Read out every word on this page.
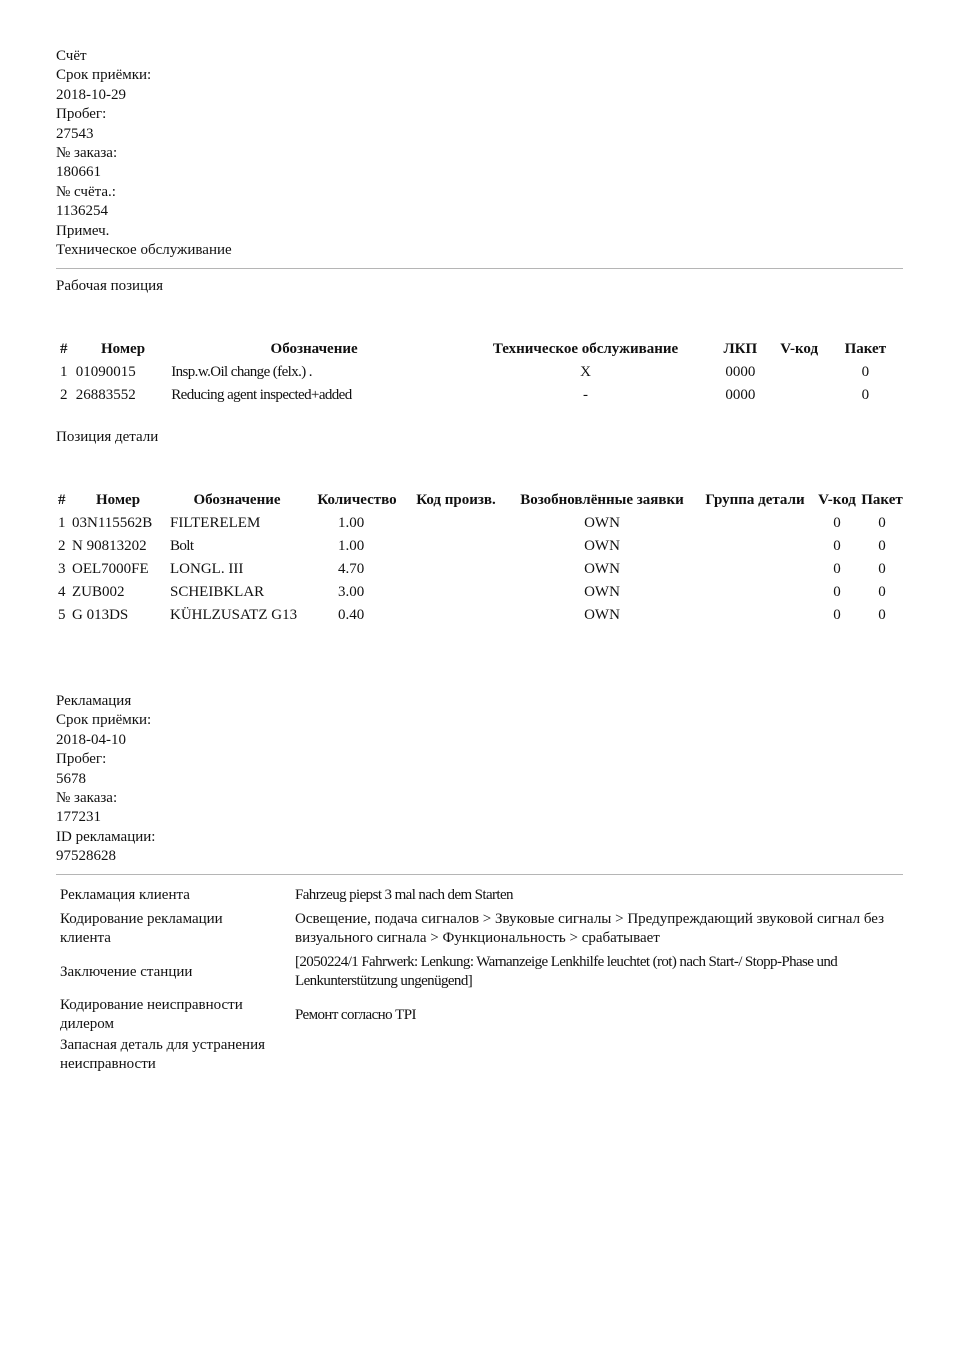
Счёт
Срок приёмки:
2018-10-29
Пробег:
27543
№ заказа:
180661
№ счёта.:
1136254
Примеч.
Техническое обслуживание
Рабочая позиция
#	Номер	Обозначение	Техническое обслуживание	ЛКП	V-код	Пакет
1	01090015	Insp.w.Oil change (felx.) .	X	0000		0
2	26883552	Reducing agent inspected+added	-	0000		0
Позиция детали
#	Номер	Обозначение	Количество	Код произв.	Возобновлённые заявки	Группа детали	V-код	Пакет
1	03N115562B	FILTERELEM	1.00		OWN		0	0
2	N 90813202	Bolt	1.00		OWN		0	0
3	OEL7000FE	LONGL. III	4.70		OWN		0	0
4	ZUB002	SCHEIBKLAR	3.00		OWN		0	0
5	G 013DS	KÜHLZUSATZ G13	0.40		OWN		0	0
Рекламация
Срок приёмки:
2018-04-10
Пробег:
5678
№ заказа:
177231
ID рекламации:
97528628
Рекламация клиента	Fahrzeug piepst 3 mal nach dem Starten
Кодирование рекламации клиента	Освещение, подача сигналов > Звуковые сигналы > Предупреждающий звуковой сигнал без визуального сигнала > Функциональность > срабатывает
Заключение станции	[2050224/1 Fahrwerk: Lenkung: Warnanzeige Lenkhilfe leuchtet (rot) nach Start-/ Stopp-Phase und Lenkunterstützung ungenügend]
Кодирование неисправности дилером	Ремонт согласно TPI
Запасная деталь для устранения неисправности	
